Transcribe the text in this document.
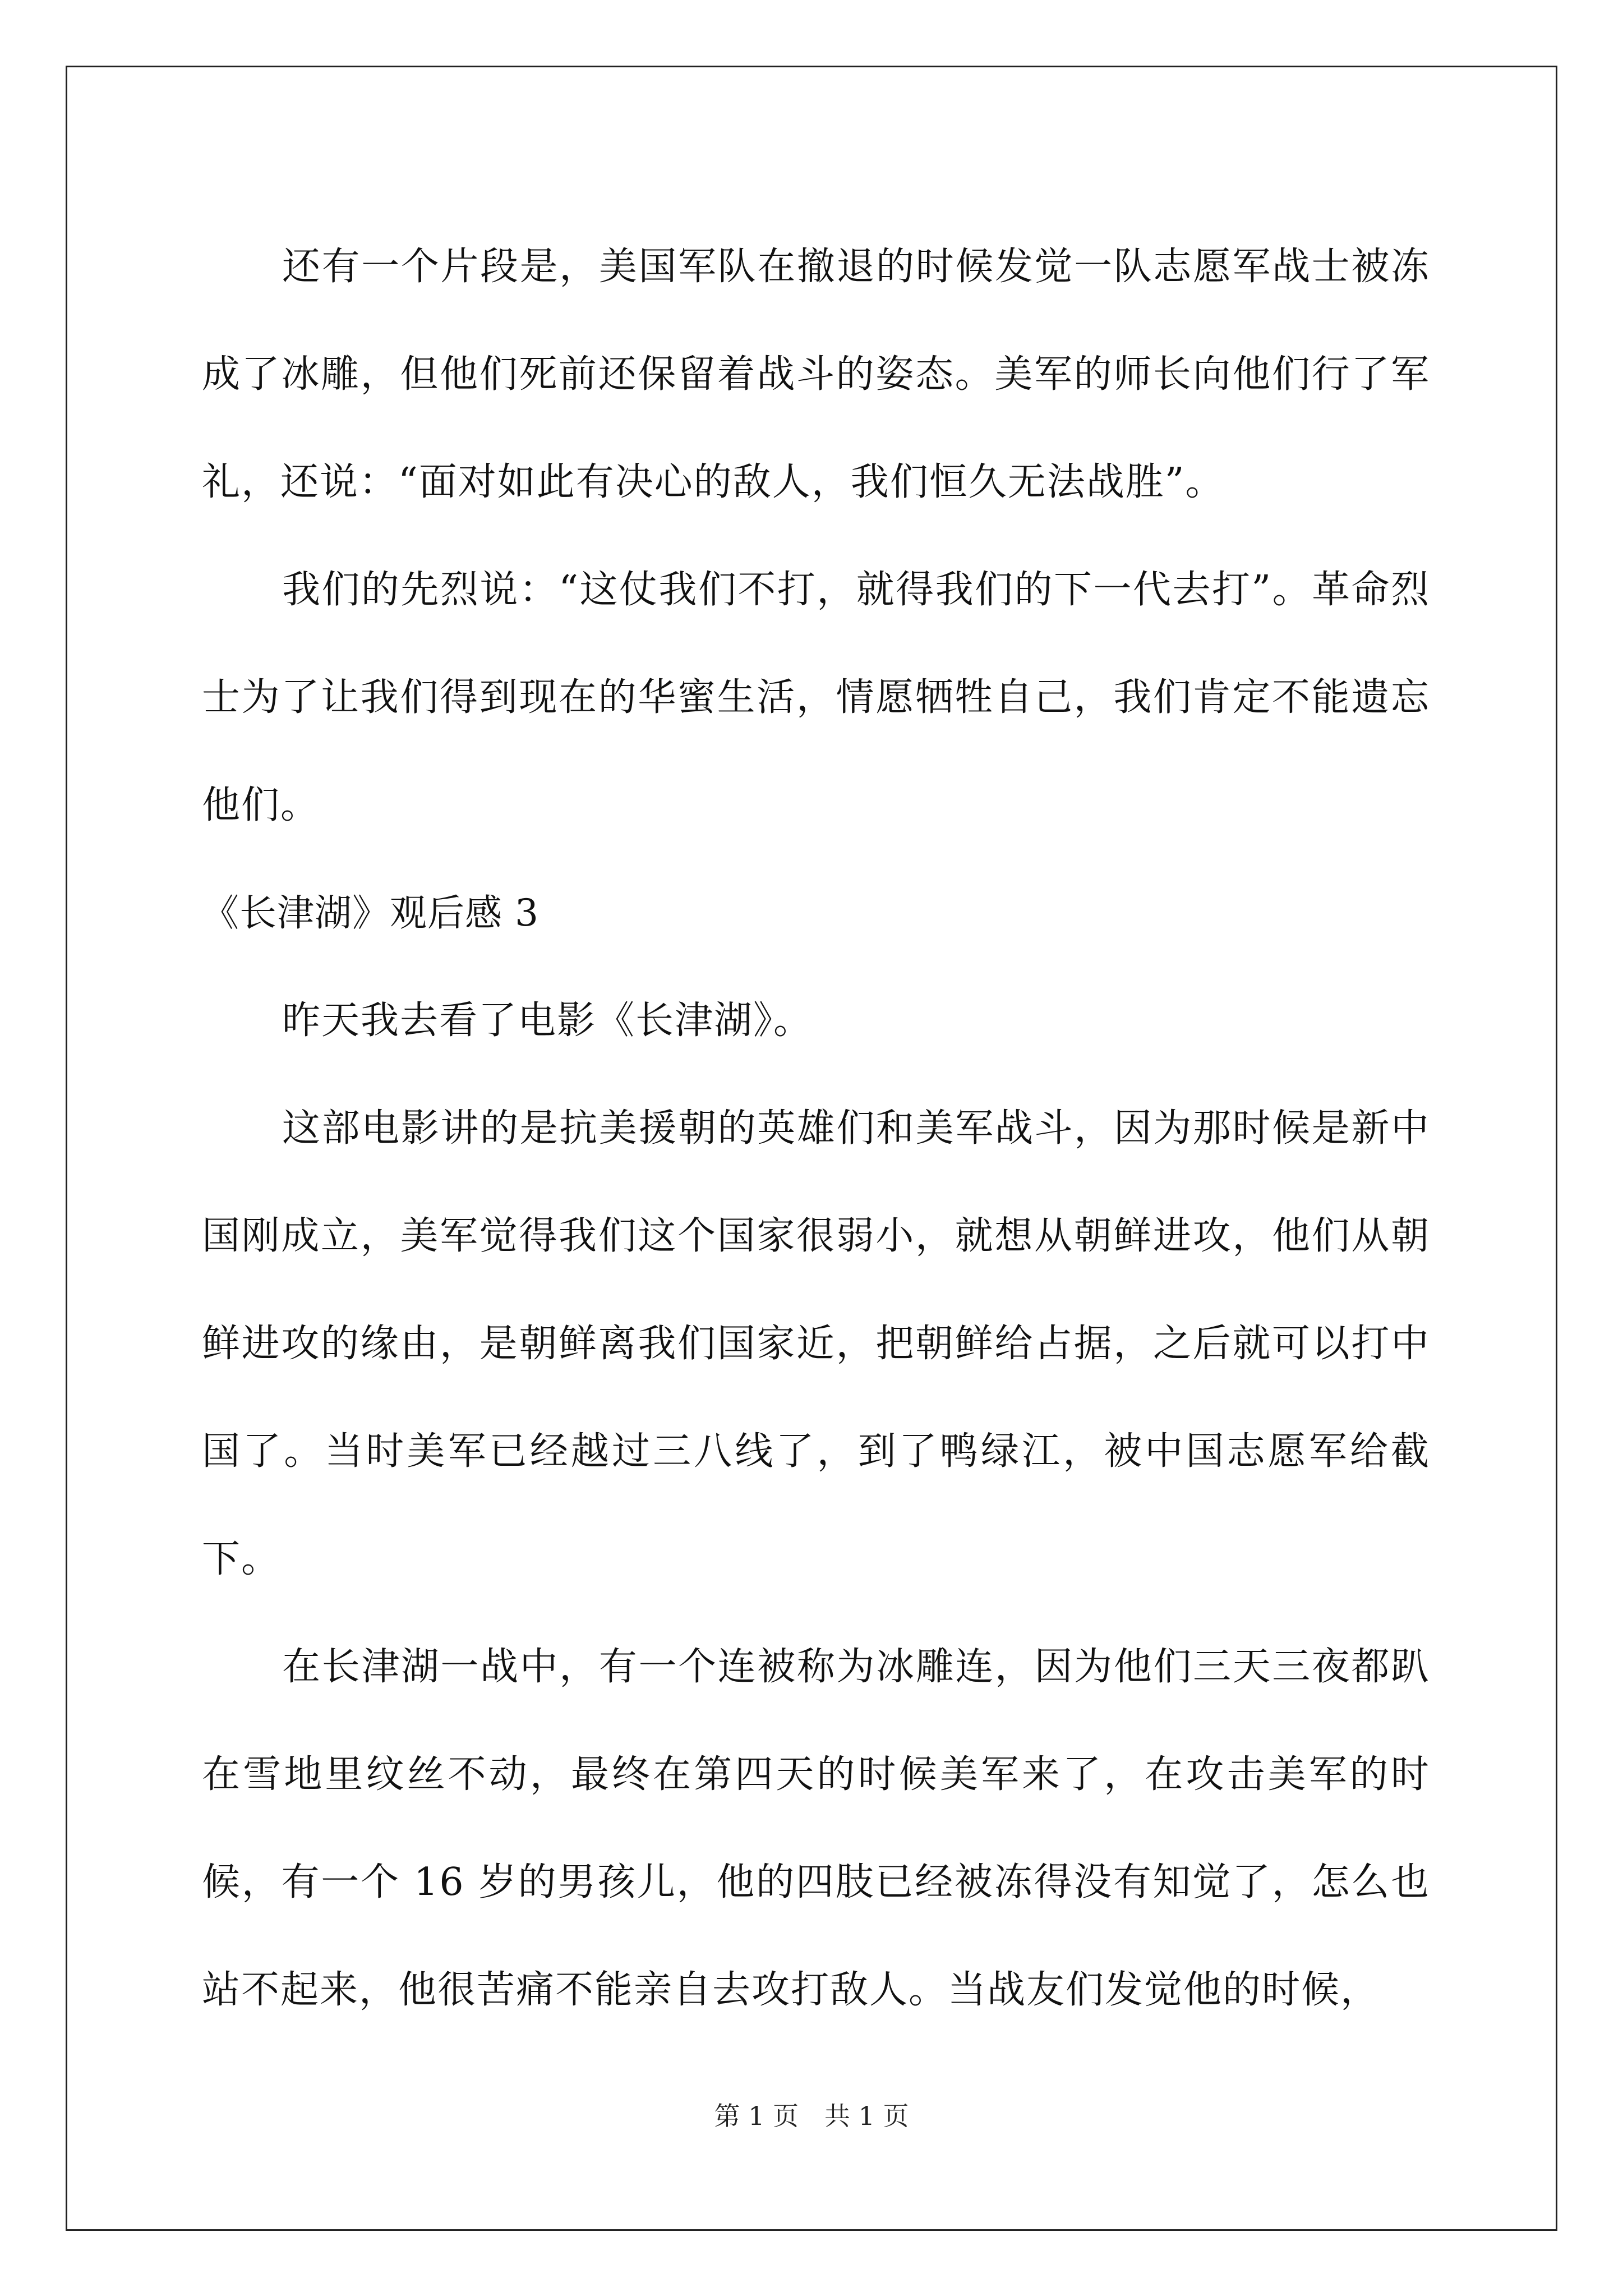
还有一个片段是，美国军队在撤退的时候发觉一队志愿军战士被冻成了冰雕，但他们死前还保留着战斗的姿态。美军的师长向他们行了军礼，还说：“面对如此有决心的敌人，我们恒久无法战胜”。

我们的先烈说：“这仗我们不打，就得我们的下一代去打”。革命烈士为了让我们得到现在的华蜜生活，情愿牺牲自己，我们肯定不能遗忘他们。

《长津湖》观后感 3

昨天我去看了电影《长津湖》。

这部电影讲的是抗美援朝的英雄们和美军战斗，因为那时候是新中国刚成立，美军觉得我们这个国家很弱小，就想从朝鲜进攻，他们从朝鲜进攻的缘由，是朝鲜离我们国家近，把朝鲜给占据，之后就可以打中国了。当时美军已经越过三八线了，到了鸭绿江，被中国志愿军给截下。

在长津湖一战中，有一个连被称为冰雕连，因为他们三天三夜都趴在雪地里纹丝不动，最终在第四天的时候美军来了，在攻击美军的时候，有一个 16 岁的男孩儿，他的四肢已经被冻得没有知觉了，怎么也站不起来，他很苦痛不能亲自去攻打敌人。当战友们发觉他的时候，

第 1 页　共 1 页
